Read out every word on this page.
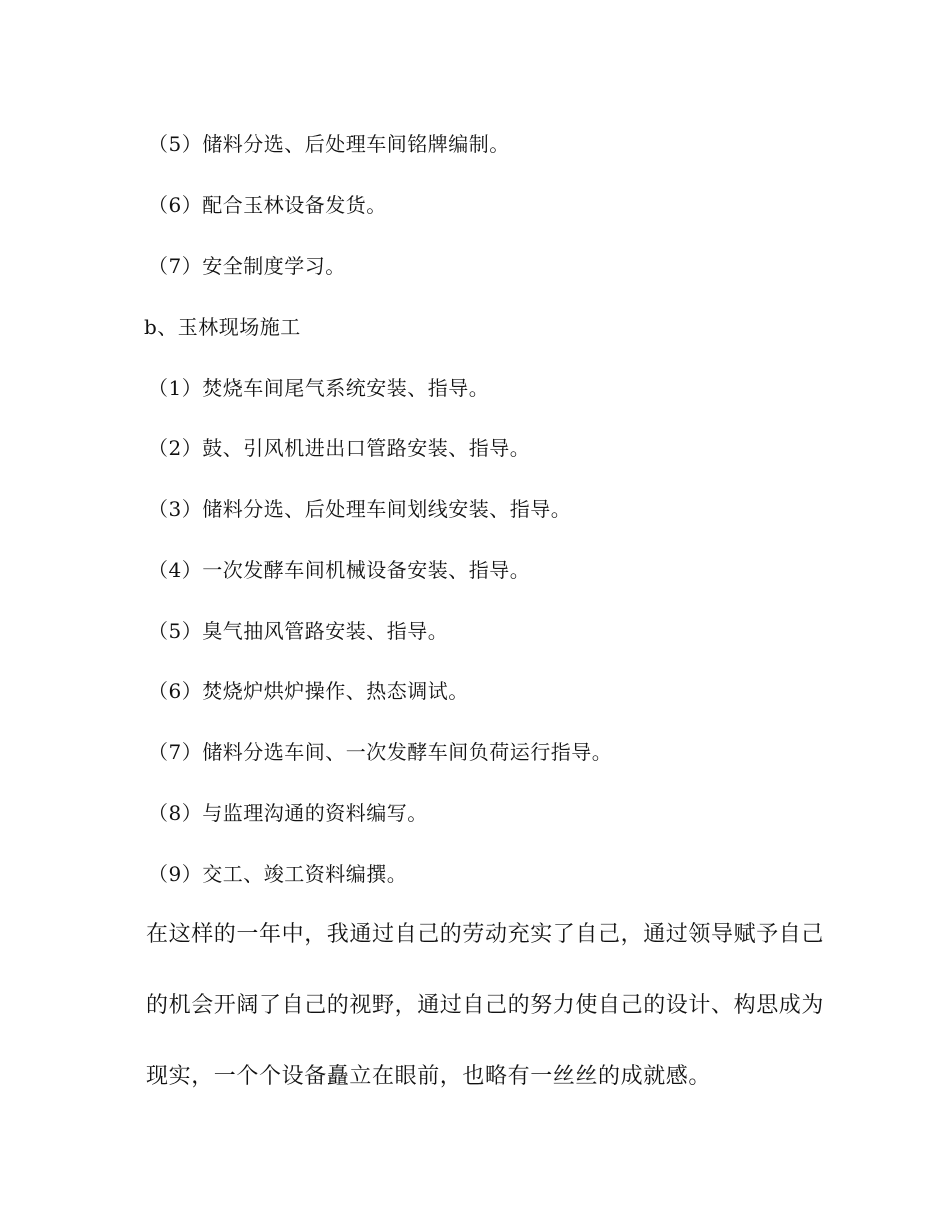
（5）储料分选、后处理车间铭牌编制。
（6）配合玉林设备发货。
（7）安全制度学习。
b、玉林现场施工
（1）焚烧车间尾气系统安装、指导。
（2）鼓、引风机进出口管路安装、指导。
（3）储料分选、后处理车间划线安装、指导。
（4）一次发酵车间机械设备安装、指导。
（5）臭气抽风管路安装、指导。
（6）焚烧炉烘炉操作、热态调试。
（7）储料分选车间、一次发酵车间负荷运行指导。
（8）与监理沟通的资料编写。
（9）交工、竣工资料编撰。
在这样的一年中，我通过自己的劳动充实了自己，通过领导赋予自己
的机会开阔了自己的视野，通过自己的努力使自己的设计、构思成为
现实，一个个设备矗立在眼前，也略有一丝丝的成就感。
